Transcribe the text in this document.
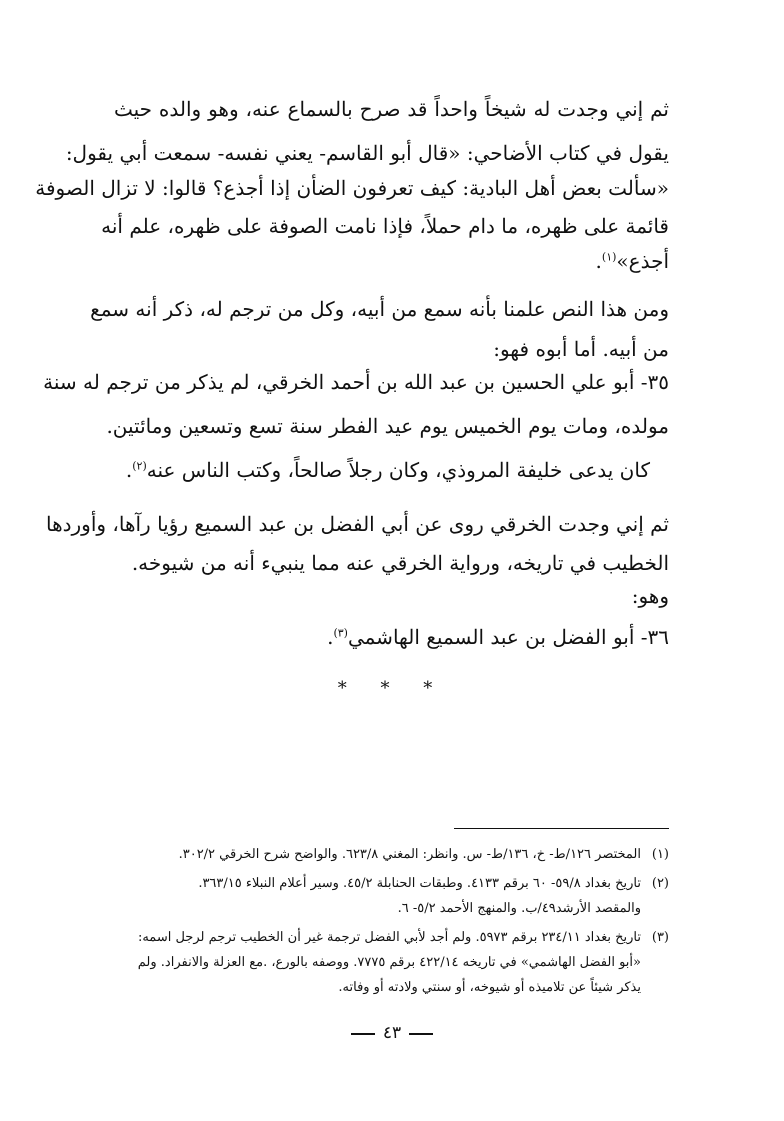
ثم إني وجدت له شيخاً واحداً قد صرح بالسماع عنه، وهو والده حيث
يقول في كتاب الأضاحي: «قال أبو القاسم- يعني نفسه- سمعت أبي يقول:
«سألت بعض أهل البادية: كيف تعرفون الضأن إذا أجذع؟ قالوا: لا تزال الصوفة
قائمة على ظهره، ما دام حملاً، فإذا نامت الصوفة على ظهره، علم أنه
أجذع»$^{(١)}$.
ومن هذا النص علمنا بأنه سمع من أبيه، وكل من ترجم له، ذكر أنه سمع
من أبيه. أما أبوه فهو:
٣٥- أبو علي الحسين بن عبد الله بن أحمد الخرقي، لم يذكر من ترجم له سنة
مولده، ومات يوم الخميس يوم عيد الفطر سنة تسع وتسعين ومائتين.
كان يدعى خليفة المروذي، وكان رجلاً صالحاً، وكتب الناس عنه$^{(٢)}$.
ثم إني وجدت الخرقي روى عن أبي الفضل بن عبد السميع رؤيا رآها، وأوردها
الخطيب في تاريخه، ورواية الخرقي عنه مما ينبيء أنه من شيوخه.
وهو:
٣٦- أبو الفضل بن عبد السميع الهاشمي$^{(٣)}$.
* * *
(١)المختصر ١٢٦/ط- خ، ١٣٦/ط- س. وانظر: المغني ٦٢٣/٨. والواضح شرح الخرقي ٣٠٢/٢.
(٢)تاريخ بغداد ٥٩/٨- ٦٠ برقم ٤١٣٣. وطبقات الحنابلة ٤٥/٢. وسير أعلام النبلاء ٣٦٣/١٥.
والمقصد الأرشد٤٩/ب. والمنهج الأحمد ٥/٢- ٦.
(٣)تاريخ بغداد ٢٣٤/١١ برقم ٥٩٧٣. ولم أجد لأبي الفضل ترجمة غير أن الخطيب ترجم لرجل اسمه:
«أبو الفضل الهاشمي» في تاريخه ٤٢٢/١٤ برقم ٧٧٧٥. ووصفه بالورع، .مع العزلة والانفراد. ولم
يذكر شيئاً عن تلاميذه أو شيوخه، أو سنتي ولادته أو وفاته.
٤٣
